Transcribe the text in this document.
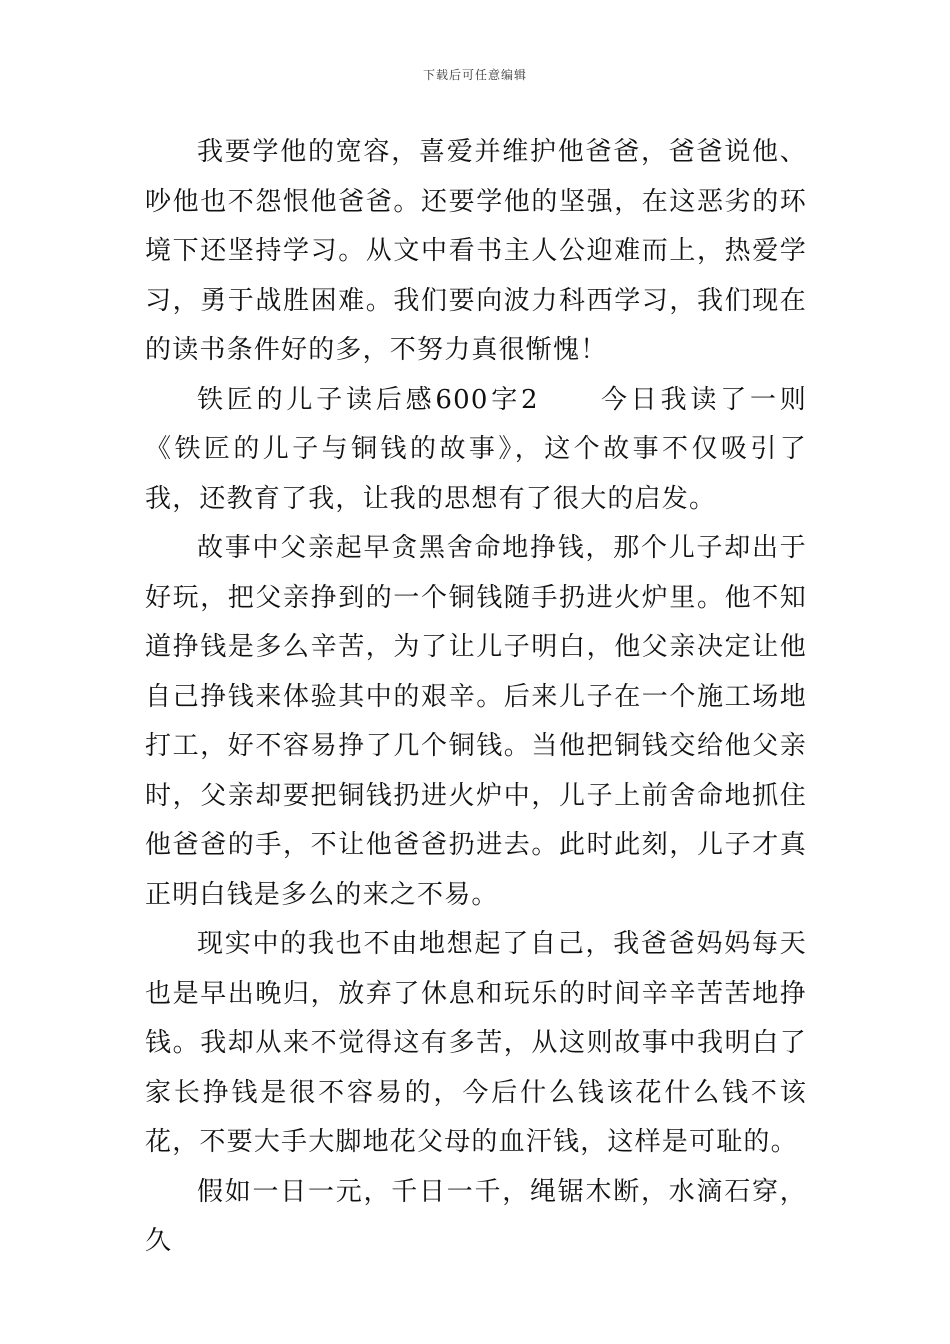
下载后可任意编辑

我要学他的宽容，喜爱并维护他爸爸，爸爸说他、吵他也不怨恨他爸爸。还要学他的坚强，在这恶劣的环境下还坚持学习。从文中看书主人公迎难而上，热爱学习，勇于战胜困难。我们要向波力科西学习，我们现在的读书条件好的多，不努力真很惭愧！

铁匠的儿子读后感600字2　　今日我读了一则《铁匠的儿子与铜钱的故事》，这个故事不仅吸引了我，还教育了我，让我的思想有了很大的启发。

故事中父亲起早贪黑舍命地挣钱，那个儿子却出于好玩，把父亲挣到的一个铜钱随手扔进火炉里。他不知道挣钱是多么辛苦，为了让儿子明白，他父亲决定让他自己挣钱来体验其中的艰辛。后来儿子在一个施工场地打工，好不容易挣了几个铜钱。当他把铜钱交给他父亲时，父亲却要把铜钱扔进火炉中，儿子上前舍命地抓住他爸爸的手，不让他爸爸扔进去。此时此刻，儿子才真正明白钱是多么的来之不易。

现实中的我也不由地想起了自己，我爸爸妈妈每天也是早出晚归，放弃了休息和玩乐的时间辛辛苦苦地挣钱。我却从来不觉得这有多苦，从这则故事中我明白了家长挣钱是很不容易的，今后什么钱该花什么钱不该花，不要大手大脚地花父母的血汗钱，这样是可耻的。

假如一日一元，千日一千，绳锯木断，水滴石穿，久
